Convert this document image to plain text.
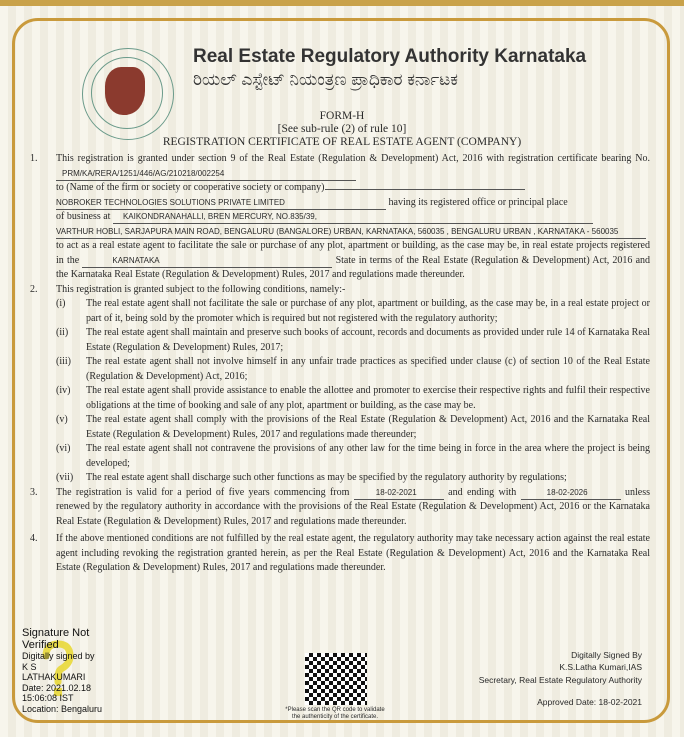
Real Estate Regulatory Authority Karnataka
ರಿಯಲ್ ಎಸ್ಟೇಟ್ ನಿಯಂತ್ರಣ ಪ್ರಾಧಿಕಾರ ಕರ್ನಾಟಕ
FORM-H
[See sub-rule (2) of rule 10]
REGISTRATION CERTIFICATE OF REAL ESTATE AGENT (COMPANY)
1.	This registration is granted under section 9 of the Real Estate (Regulation & Development) Act, 2016 with registration certificate bearing No. PRM/KA/RERA/1251/446/AG/210218/002254
to (Name of the firm or society or cooperative society or company)
NOBROKER TECHNOLOGIES SOLUTIONS PRIVATE LIMITED	having its registered office or principal place
of business at KAIKONDRANAHALLI, BREN MERCURY, NO.835/39,
VARTHUR HOBLI, SARJAPURA MAIN ROAD, BENGALURU (BANGALORE) URBAN, KARNATAKA, 560035 , BENGALURU URBAN , KARNATAKA - 560035
to act as a real estate agent to facilitate the sale or purchase of any plot, apartment or building, as the case may be, in real estate projects registered in the	KARNATAKA	State in terms of the Real Estate (Regulation & Development) Act, 2016 and the Karnataka Real Estate (Regulation & Development) Rules, 2017 and regulations made thereunder.
2.	This registration is granted subject to the following conditions, namely:-
(i)	The real estate agent shall not facilitate the sale or purchase of any plot, apartment or building, as the case may be, in a real estate project or part of it, being sold by the promoter which is required but not registered with the regulatory authority;
(ii)	The real estate agent shall maintain and preserve such books of account, records and documents as provided under rule 14 of Karnataka Real Estate (Regulation & Development) Rules, 2017;
(iii)	The real estate agent shall not involve himself in any unfair trade practices as specified under clause (c) of section 10 of the Real Estate (Regulation & Development) Act, 2016;
(iv)	The real estate agent shall provide assistance to enable the allottee and promoter to exercise their respective rights and fulfil their respective obligations at the time of booking and sale of any plot, apartment or building, as the case may be.
(v)	The real estate agent shall comply with the provisions of the Real Estate (Regulation & Development) Act, 2016 and the Karnataka Real Estate (Regulation & Development) Rules, 2017 and regulations made thereunder;
(vi)	The real estate agent shall not contravene the provisions of any other law for the time being in force in the area where the project is being developed;
(vii)	The real estate agent shall discharge such other functions as may be specified by the regulatory authority by regulations;
3.	The registration is valid for a period of five years commencing from	18-02-2021	and ending with	18-02-2026	unless renewed by the regulatory authority in accordance with the provisions of the Real Estate (Regulation & Development) Act, 2016 or the Karnataka Real Estate (Regulation & Development) Rules, 2017 and regulations made thereunder.
4.	If the above mentioned conditions are not fulfilled by the real estate agent, the regulatory authority may take necessary action against the real estate agent including revoking the registration granted herein, as per the Real Estate (Regulation & Development) Act, 2016 and the Karnataka Real Estate (Regulation & Development) Rules, 2017 and regulations made thereunder.
Signature Not
Verified
Digitally signed by
K S
LATHAKUMARI
Date: 2021.02.18
15:06:08 IST
Location: Bengaluru	*Please scan the QR code to validate
the authenticity of the certificate.
Digitally Signed By
K.S.Latha Kumari,IAS
Secretary, Real Estate Regulatory Authority
Approved Date: 18-02-2021
